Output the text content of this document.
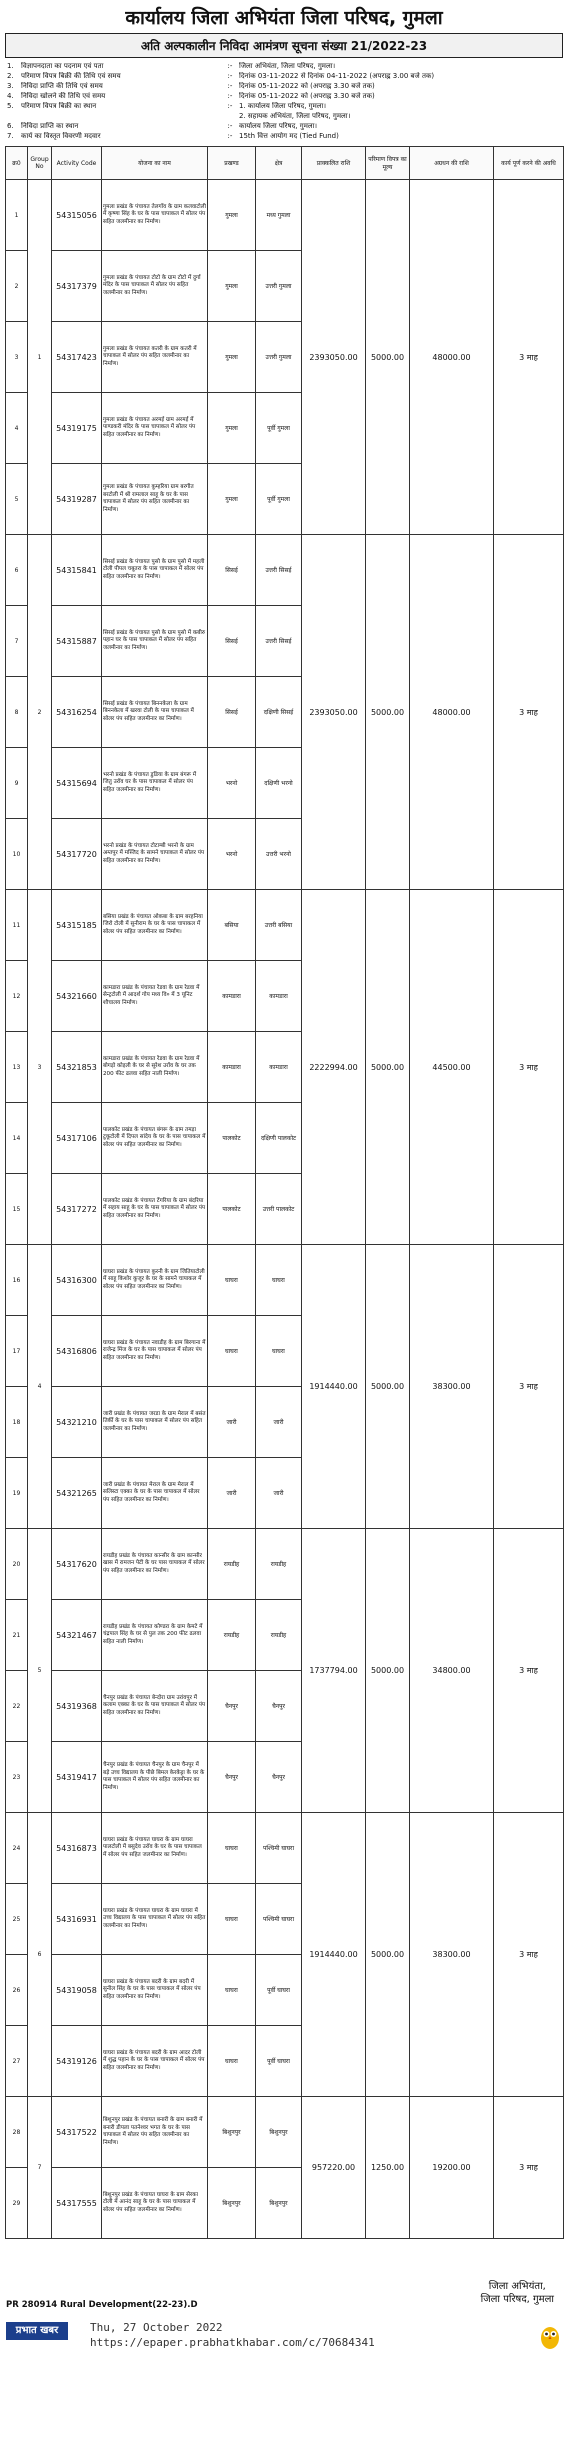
कार्यालय जिला अभियंता जिला परिषद, गुमला
अति अल्पकालीन निविदा आमंत्रण सूचना संख्या 21/2022-23
1.	विज्ञापनदाता का पदनाम एवं पता	:-	जिला अभियंता, जिला परिषद, गुमला।
2.	परिमाण विपत्र बिक्री की तिथि एवं समय	:-	दिनांक 03-11-2022 से दिनांक 04-11-2022 (अपराह्न 3.00 बजे तक)
3.	निविदा प्राप्ति की तिथि एवं समय	:-	दिनांक 05-11-2022 को (अपराह्न 3.30 बजे तक)
4.	निविदा खोलने की तिथि एवं समय	:-	दिनांक 05-11-2022 को (अपराह्न 3.30 बजे तक)
5.	परिमाण विपत्र बिक्री का स्थान	:-	1. कार्यालय जिला परिषद, गुमला।
			2. सहायक अभियंता, जिला परिषद, गुमला।
6.	निविदा प्राप्ति का स्थान	:-	कार्यालय जिला परिषद, गुमला।
7.	कार्य का विस्तृत विवरणी मदवार	:-	15th वित्त आयोग मद (Tied Fund)
क्र0	Group No	Activity Code	योजना का नाम	प्रखण्ड	क्षेत्र	प्राक्कलित राशि	परिमाण विपत्र का मूल्य	अग्रधन की राशि	कार्य पूर्ण करने की अवधि
1	1	54315056	गुमला प्रखंड के पंचायत तेलगाँव के ग्राम कलवाटोली में कृष्णा सिंह के घर के पास चापाकल में सोलर पंप सहित जलमीनार का निर्माण।	गुमला	मध्य गुमला	2393050.00	5000.00	48000.00	3 माह
2		54317379	गुमला प्रखंड के पंचायत टोटो के ग्राम टोटो में दुर्गा मंदिर के पास चापाकल में सोलर पंप सहित जलमीनार का निर्माण।	गुमला	उत्तरी गुमला				
3		54317423	गुमला प्रखंड के पंचायत कतरी के ग्राम कतरी में चापाकल में सोलर पंप सहित जलमीनार का निर्माण।	गुमला	उत्तरी गुमला				
4		54319175	गुमला प्रखंड के पंचायत अरमई ग्राम अरमई में पाण्डकरी मंदिर के पास चापाकल में सोलर पंप सहित जलमीनार का निर्माण।	गुमला	पूर्वी गुमला				
5		54319287	गुमला प्रखंड के पंचायत कुम्हरिया ग्राम बरगीत बरटोली में श्री रामलाल साहू के घर के पास चापाकल में सोलर पंप सहित जलमीनार का निर्माण।	गुमला	पूर्वी गुमला				
6	2	54315841	सिसई प्रखंड के पंचायत पुसो के ग्राम पुसो में महली टोली पीपल चबूतरा के पास चापाकल में सोलर पंप सहित जलमीनार का निर्माण।	सिसई	उत्तरी सिसई	2393050.00	5000.00	48000.00	3 माह
7		54315887	सिसई प्रखंड के पंचायत पुसो के ग्राम पुसो में कबीरु पहान घर के पास चापाकल में सोलर पंप सहित जलमीनार का निर्माण।	सिसई	उत्तरी सिसई				
8		54316254	सिसई प्रखंड के पंचायत बिननकेला के ग्राम बिननकेला में खरवा टोली के पास चापाकल में सोलर पंप सहित जलमीनार का निर्माण।	सिसई	दक्षिणी सिसई				
9		54315694	भरनो प्रखंड के पंचायत डुडिया के ग्राम बंगरू में जितु उरॉव घर के पास चापाकल में सोलर पंप सहित जलमीनार का निर्माण।	भरनो	दक्षिणी भरनो				
10		54317720	भरनो प्रखंड के पंचायत टोटाम्बी भरनो के ग्राम अम्तपुर में मस्जिद के सामने चापाकल में सोलर पंप सहित जलमीनार का निर्माण।	भरनो	उत्तरी भरनो				
11	3	54315185	बसिया प्रखंड के पंचायत ओकबा के ग्राम बरहनिया जिरो टोली में सुनीराम के घर के पास चापाकल में सोलर पंप सहित जलमीनार का निर्माण।	बसिया	उत्तरी बसिया	2222994.00	5000.00	44500.00	3 माह
12		54321660	कामडारा प्रखंड के पंचायत रेडवा के ग्राम रेडवा में सेन्ट्रटोली में आदर्श गोप मध्य वि० में 3 यूनिट शौचालय निर्माण।	कामडारा	कामडारा				
13		54321853	कामडारा प्रखंड के पंचायत रेडवा के ग्राम रेडवा में बोगड़ो कोइली के घर से सुरेश उरॉव के घर तक 200 फीट ढलवा सहित नाली निर्माण।	कामडारा	कामडारा				
14		54317106	पालकोट प्रखंड के पंचायत बंगरू के ग्राम तमड़ा टुकूटोली में दिपल सांदेय के घर के पास चापाकल में सोलर पंप सहित जलमीनार का निर्माण।	पालकोट	दक्षिणी पालकोट				
15		54317272	पालकोट प्रखंड के पंचायत टेंगरिया के ग्राम बंदरिया में सहाय साहू के घर के पास चापाकल में सोलर पंप सहित जलमीनार का निर्माण।	पालकोट	उत्तरी पालकोट				
16	4	54316300	घाघरा प्रखंड के पंचायत कुरनी के ग्राम जितियाटोली में साहू किशोर कुजूर के घर के सामने चापाकल में सोलर पंप सहित जलमीनार का निर्माण।	घाघरा	घाघरा	1914440.00	5000.00	38300.00	3 माह
17		54316806	घाघरा प्रखंड के पंचायत नवाडीह के ग्राम बिरगाना में राजेन्द्र मिंज के घर के पास चापाकल में सोलर पंप सहित जलमीनार का निर्माण।	घाघरा	घाघरा				
18		54321210	जारी प्रखंड के पंचायत जरडा के ग्राम मेराल में बसंत तिर्की के घर के पास चापाकल में सोलर पंप सहित जलमीनार का निर्माण।	जारी	जारी				
19		54321265	जारी प्रखंड के पंचायत मेराल के ग्राम मेराल में सलिस्टा एक्का के घर के पास चापाकल में सोलर पंप सहित जलमीनार का निर्माण।	जारी	जारी				
20	5	54317620	रायडीह प्रखंड के पंचायत कान्सीर के ग्राम कान्सीर खास में रामजन पेटी के घर पास चापाकल में सोलर पंप सहित जलमीनार का निर्माण।	रायडीह	रायडीह	1737794.00	5000.00	34800.00	3 माह
21		54321467	रायडीह प्रखंड के पंचायत कोण्डरा के ग्राम केमटे में चंद्रपाल सिंह के घर से पुल तक 200 फीट ढलवा सहित नाली निर्माण।	रायडीह	रायडीह				
22		54319368	चैनपुर प्रखंड के पंचायत बेन्दोरा ग्राम उरांवपुर में कलाम एक्का के घर के पास चापाकल में सोलर पंप सहित जलमीनार का निर्माण।	चैनपुर	चैनपुर				
23		54319417	चैनपुर प्रखंड के पंचायत चैनपुर के ग्राम चैनपुर में बड़े उच्च विद्यालय के पीछे बिमल केरकेट्टा के घर के पास चापाकल में सोलर पंप सहित जलमीनार का निर्माण।	चैनपुर	चैनपुर				
24	6	54316873	घाघरा प्रखंड के पंचायत घाघरा के ग्राम घाघरा पालटोली में बसुदेव उरॉव के घर के पास चापाकल में सोलर पंप सहित जलमीनार का निर्माण।	घाघरा	पश्चिमी घाघरा	1914440.00	5000.00	38300.00	3 माह
25		54316931	घाघरा प्रखंड के पंचायत घाघरा के ग्राम घाघरा में उच्च विद्यालय के पास चापाकल में सोलर पंप सहित जलमीनार का निर्माण।	घाघरा	पश्चिमी घाघरा				
26		54319058	घाघरा प्रखंड के पंचायत बदरी के ग्राम बदरी में सुनील सिंह के घर के पास चापाकल में सोलर पंप सहित जलमीनार का निर्माण।	घाघरा	पूर्वी घाघरा				
27		54319126	घाघरा प्रखंड के पंचायत बदरी के ग्राम आदर टोली में शुद्ध पहान के घर के पास चापाकल में सोलर पंप सहित जलमीनार का निर्माण।	घाघरा	पूर्वी घाघरा				
28	7	54317522	बिशुनपुर प्रखंड के पंचायत बनारी के ग्राम बनारी में बनारी डीपला पतनेश्वर भगत के घर के पास चापाकल में सोलर पंप सहित जलमीनार का निर्माण।	बिशुनपुर	बिशुनपुर	957220.00	1250.00	19200.00	3 माह
29		54317555	बिशुनपुर प्रखंड के पंचायत घाघरा के ग्राम सेरका टोली में आनंद साहू के घर के पास चापाकल में सोलर पंप सहित जलमीनार का निर्माण।	बिशुनपुर	बिशुनपुर				
जिला अभियंता,
जिला परिषद, गुमला
PR 280914 Rural Development(22-23).D
प्रभात खबर	Thu, 27 October 2022
https://epaper.prabhatkhabar.com/c/70684341
